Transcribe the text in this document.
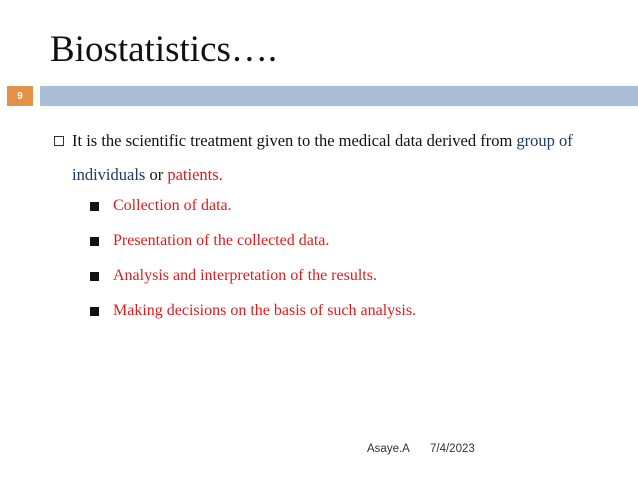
Biostatistics….
9
It is the scientific treatment given to the medical data derived from group of individuals or patients.
Collection of data.
Presentation of the collected data.
Analysis and interpretation of the results.
Making decisions on the basis of such analysis.
Asaye.A 7/4/2023
